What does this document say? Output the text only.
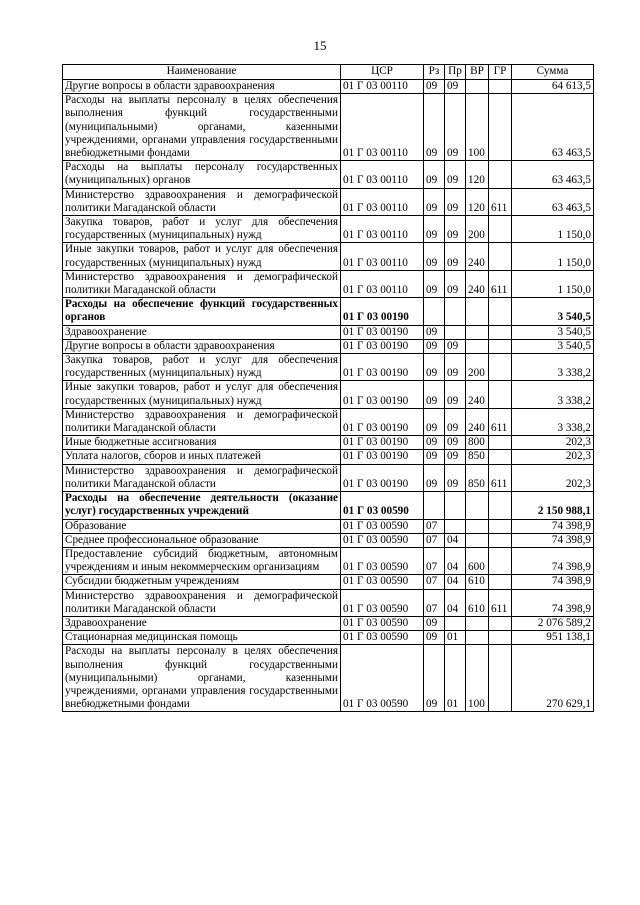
15
Наименование	ЦСР	Рз	Пр	ВР	ГР	Сумма
Другие вопросы в области здравоохранения	01 Г 03 00110	09	09			64 613,5
Расходы на выплаты персоналу в целях обеспечения выполнения функций государственными (муниципальными) органами, казенными учреждениями, органами управления государственными внебюджетными фондами	01 Г 03 00110	09	09	100		63 463,5
Расходы на выплаты персоналу государственных (муниципальных) органов	01 Г 03 00110	09	09	120		63 463,5
Министерство здравоохранения и демографической политики Магаданской области	01 Г 03 00110	09	09	120	611	63 463,5
Закупка товаров, работ и услуг для обеспечения государственных (муниципальных) нужд	01 Г 03 00110	09	09	200		1 150,0
Иные закупки товаров, работ и услуг для обеспечения государственных (муниципальных) нужд	01 Г 03 00110	09	09	240		1 150,0
Министерство здравоохранения и демографической политики Магаданской области	01 Г 03 00110	09	09	240	611	1 150,0
Расходы на обеспечение функций государственных органов	01 Г 03 00190					3 540,5
Здравоохранение	01 Г 03 00190	09				3 540,5
Другие вопросы в области здравоохранения	01 Г 03 00190	09	09			3 540,5
Закупка товаров, работ и услуг для обеспечения государственных (муниципальных) нужд	01 Г 03 00190	09	09	200		3 338,2
Иные закупки товаров, работ и услуг для обеспечения государственных (муниципальных) нужд	01 Г 03 00190	09	09	240		3 338,2
Министерство здравоохранения и демографической политики Магаданской области	01 Г 03 00190	09	09	240	611	3 338,2
Иные бюджетные ассигнования	01 Г 03 00190	09	09	800		202,3
Уплата налогов, сборов и иных платежей	01 Г 03 00190	09	09	850		202,3
Министерство здравоохранения и демографической политики Магаданской области	01 Г 03 00190	09	09	850	611	202,3
Расходы на обеспечение деятельности (оказание услуг) государственных учреждений	01 Г 03 00590					2 150 988,1
Образование	01 Г 03 00590	07				74 398,9
Среднее профессиональное образование	01 Г 03 00590	07	04			74 398,9
Предоставление субсидий бюджетным, автономным учреждениям и иным некоммерческим организациям	01 Г 03 00590	07	04	600		74 398,9
Субсидии бюджетным учреждениям	01 Г 03 00590	07	04	610		74 398,9
Министерство здравоохранения и демографической политики Магаданской области	01 Г 03 00590	07	04	610	611	74 398,9
Здравоохранение	01 Г 03 00590	09				2 076 589,2
Стационарная медицинская помощь	01 Г 03 00590	09	01			951 138,1
Расходы на выплаты персоналу в целях обеспечения выполнения функций государственными (муниципальными) органами, казенными учреждениями, органами управления государственными внебюджетными фондами	01 Г 03 00590	09	01	100		270 629,1
